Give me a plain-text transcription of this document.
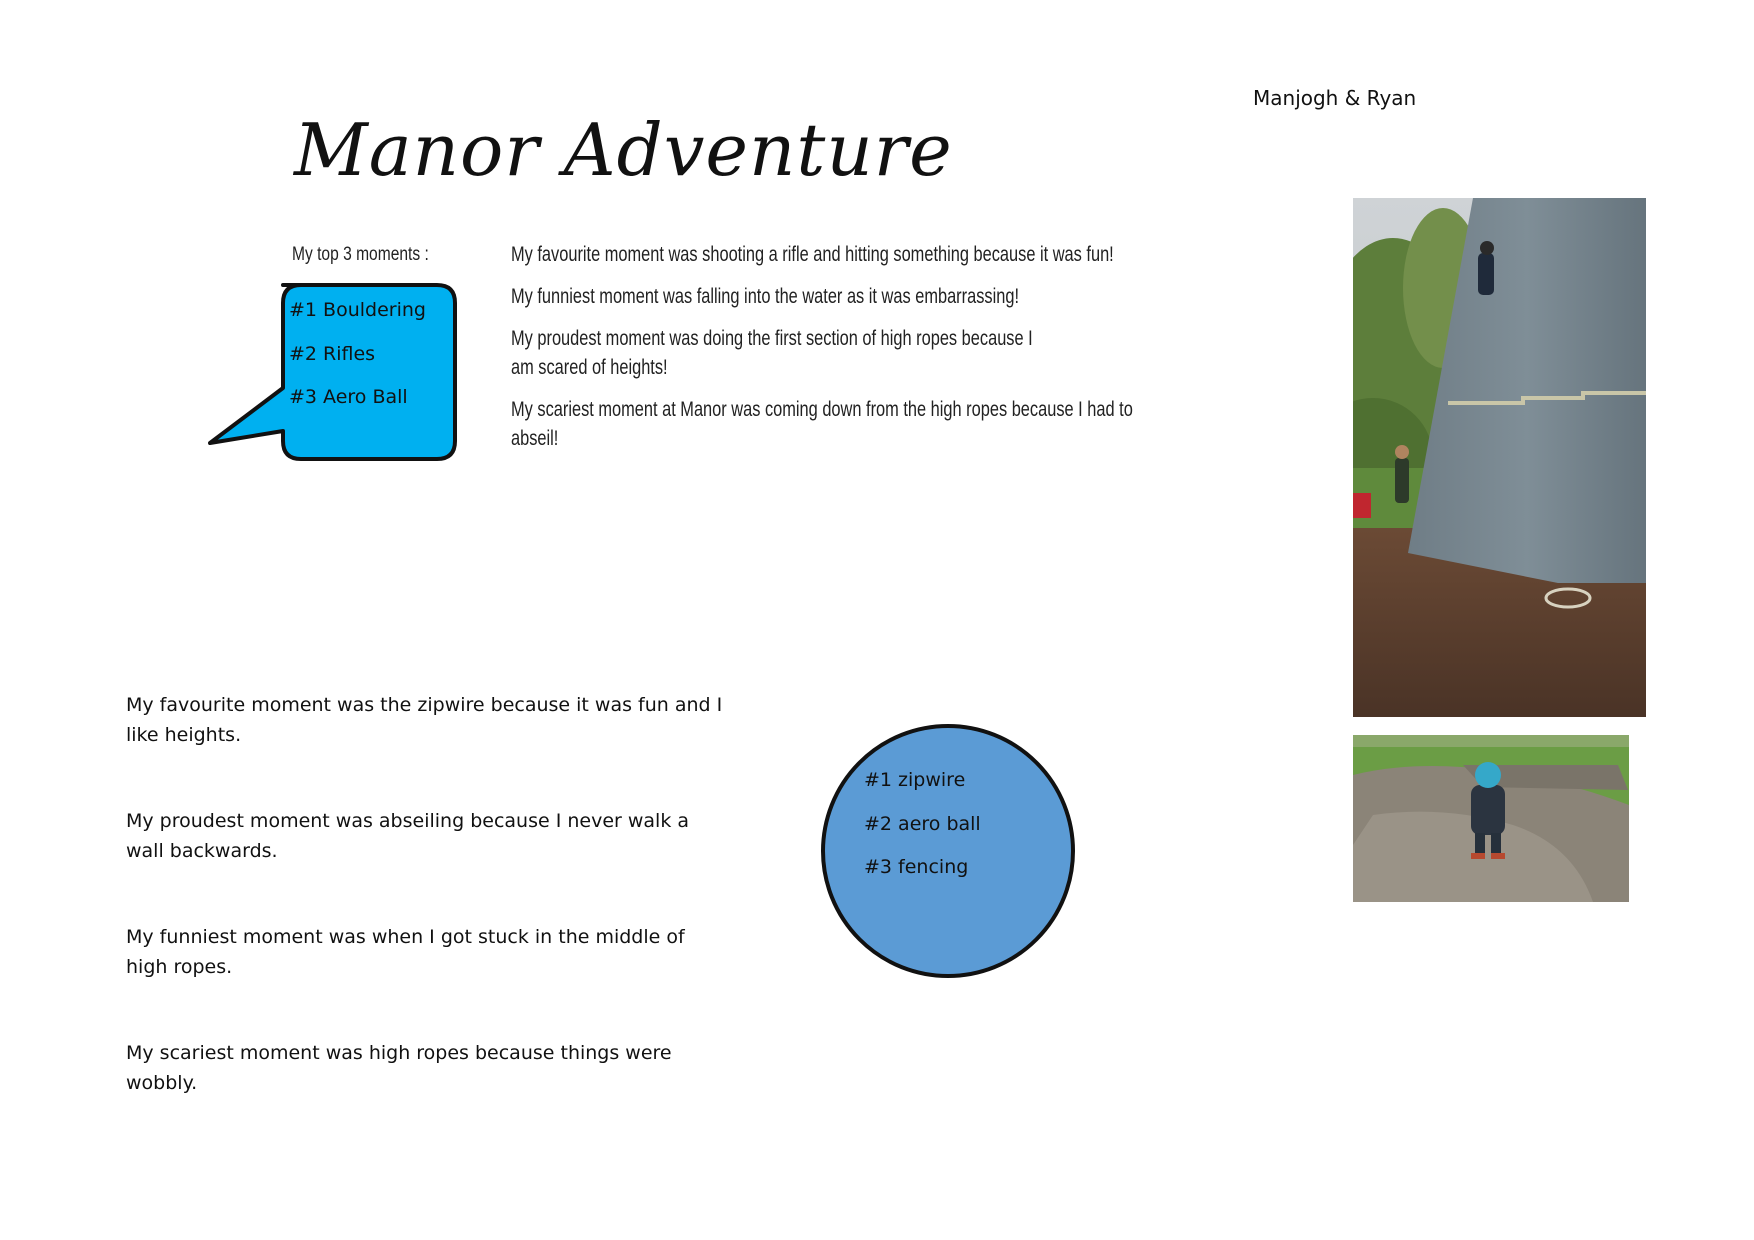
Manjogh & Ryan
Manor Adventure
My top 3 moments :
#1 Bouldering
#2 Rifles
#3 Aero Ball
My favourite moment was shooting a rifle and hitting something because it was fun!
My funniest moment was falling into the water as it was embarrassing!
My proudest moment was doing the first section of high ropes because I am scared of heights!
My scariest moment at Manor was coming down from the high ropes because I had to abseil!
My favourite moment was the zipwire because it was fun and I like heights.
My proudest moment was abseiling because I never walk a wall backwards.
My funniest moment was when I got stuck in the middle of high ropes.
My scariest moment was high ropes because things were wobbly.
#1 zipwire
#2 aero ball
#3 fencing
